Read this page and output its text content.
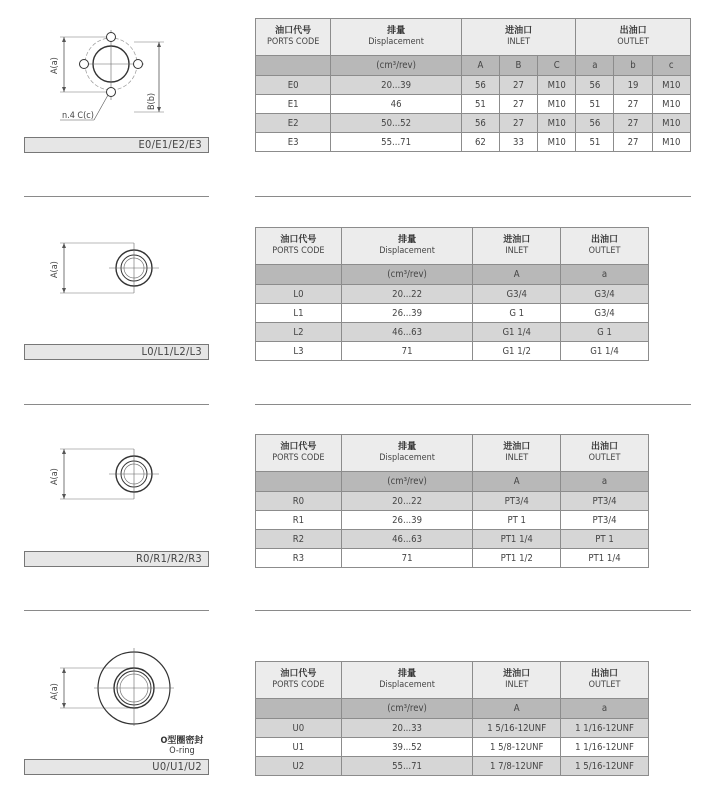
A(a)
B(b)
n.4 C(c)
E0/E1/E2/E3
油口代号
PORTS CODE	排量
Displacement	进油口
INLET			出油口
OUTLET		

	(cm³/rev)	A	B	C	a	b	c
E0	20...39	56	27	M10	56	19	M10
E1	46	51	27	M10	51	27	M10
E2	50...52	56	27	M10	56	27	M10
E3	55...71	62	33	M10	51	27	M10
A(a)
L0/L1/L2/L3
油口代号
PORTS CODE	排量
Displacement	进油口
INLET	出油口
OUTLET

	(cm³/rev)	A	a
L0	20...22	G3/4	G3/4
L1	26...39	G 1	G3/4
L2	46...63	G1 1/4	G 1
L3	71	G1 1/2	G1 1/4
A(a)
R0/R1/R2/R3
油口代号
PORTS CODE	排量
Displacement	进油口
INLET	出油口
OUTLET

	(cm³/rev)	A	a
R0	20...22	PT3/4	PT3/4
R1	26...39	PT 1	PT3/4
R2	46...63	PT1 1/4	PT 1
R3	71	PT1 1/2	PT1 1/4
A(a)
O型圈密封
O-ring
U0/U1/U2
油口代号
PORTS CODE	排量
Displacement	进油口
INLET	出油口
OUTLET

	(cm³/rev)	A	a
U0	20...33	1 5/16-12UNF	1 1/16-12UNF
U1	39...52	1 5/8-12UNF	1 1/16-12UNF
U2	55...71	1 7/8-12UNF	1 5/16-12UNF
